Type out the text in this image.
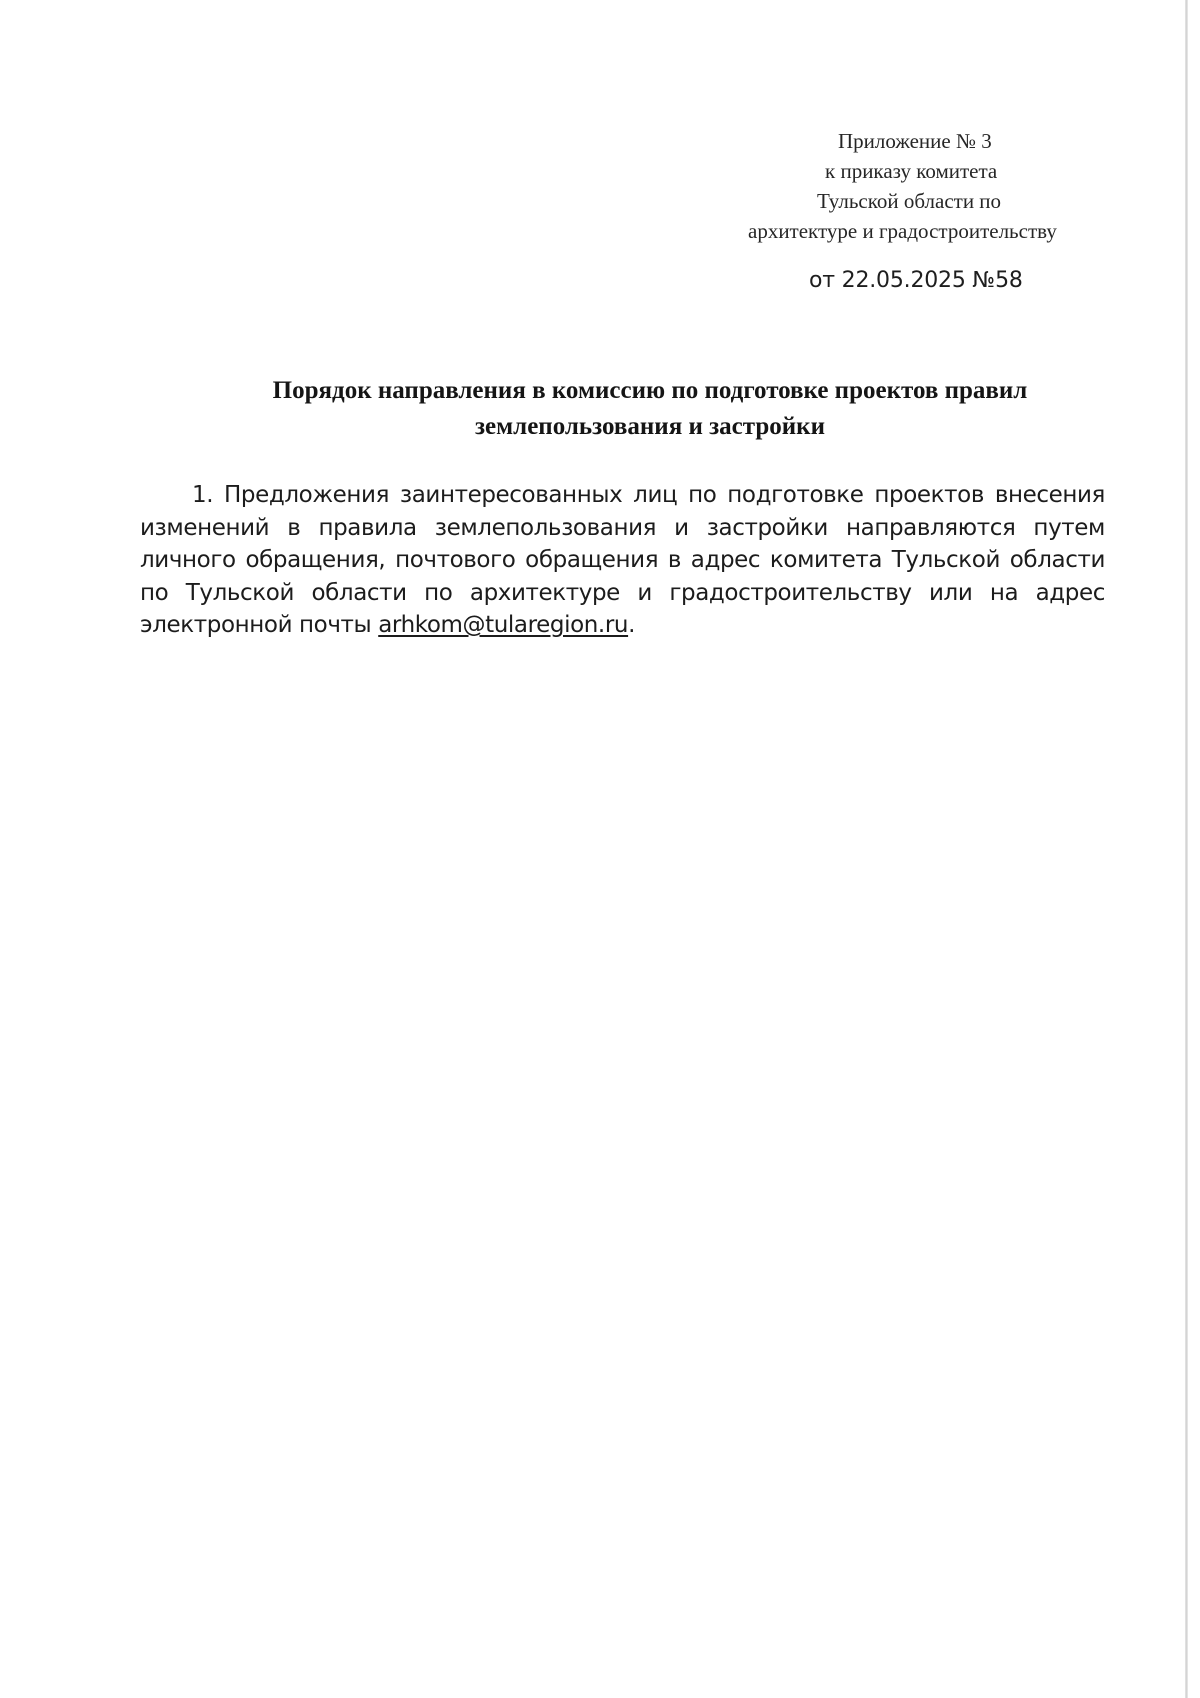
Приложение № 3
к приказу комитета
Тульской области по
архитектуре и градостроительству
от 22.05.2025 №58
Порядок направления в комиссию по подготовке проектов правил
землепользования и застройки
1. Предложения заинтересованных лиц по подготовке проектов внесения
изменений в правила землепользования и застройки направляются путем
личного обращения, почтового обращения в адрес комитета Тульской области
по Тульской области по архитектуре и градостроительству или на адрес
электронной почты arhkom@tularegion.ru.
